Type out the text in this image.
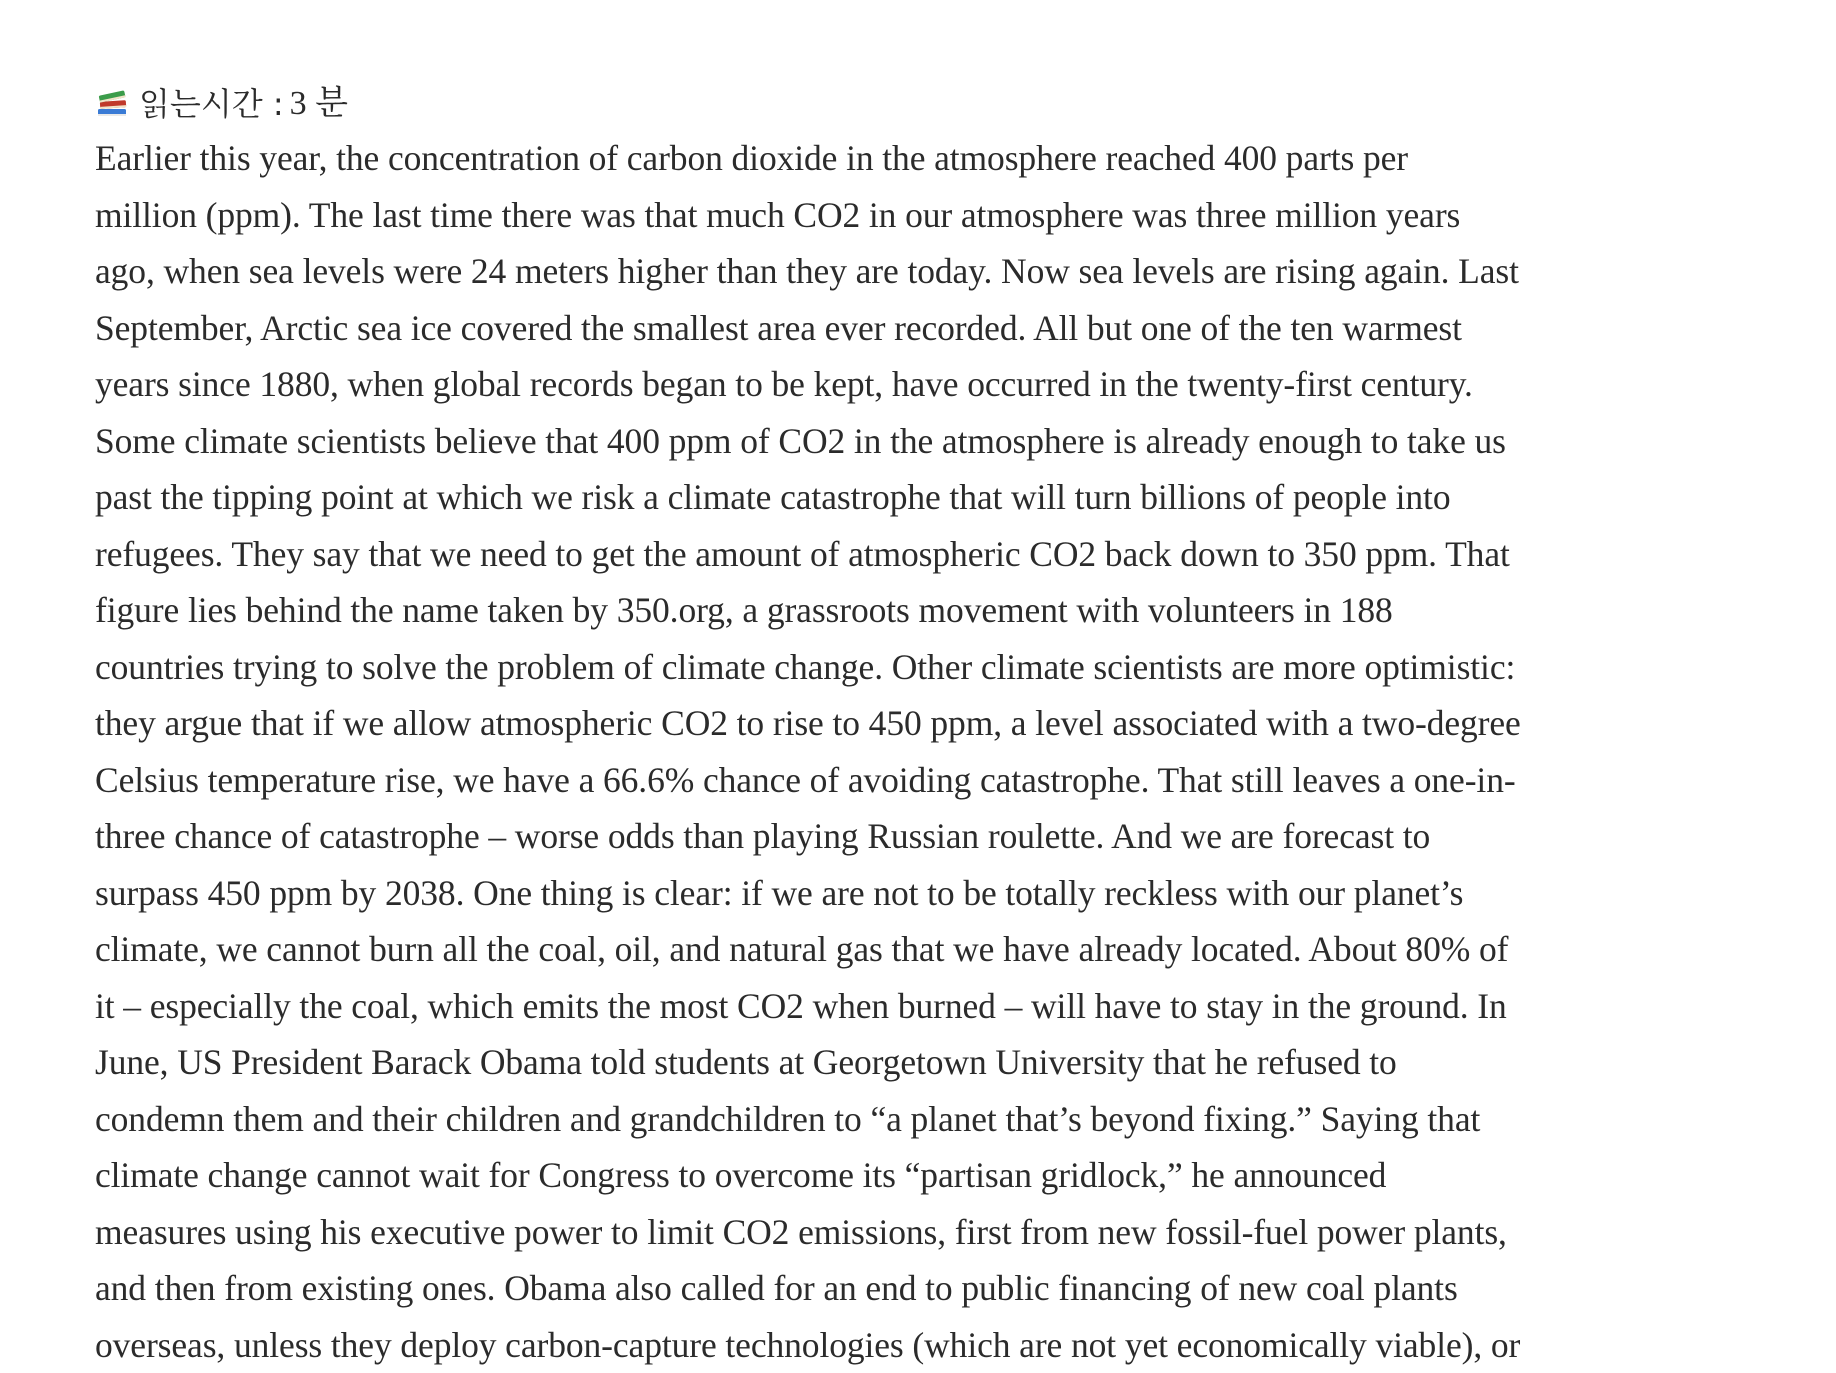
읽는시간 : 3 분

Earlier this year, the concentration of carbon dioxide in the atmosphere reached 400 parts per
million (ppm). The last time there was that much CO2 in our atmosphere was three million years
ago, when sea levels were 24 meters higher than they are today. Now sea levels are rising again. Last
September, Arctic sea ice covered the smallest area ever recorded. All but one of the ten warmest
years since 1880, when global records began to be kept, have occurred in the twenty-first century.
Some climate scientists believe that 400 ppm of CO2 in the atmosphere is already enough to take us
past the tipping point at which we risk a climate catastrophe that will turn billions of people into
refugees. They say that we need to get the amount of atmospheric CO2 back down to 350 ppm. That
figure lies behind the name taken by 350.org, a grassroots movement with volunteers in 188
countries trying to solve the problem of climate change. Other climate scientists are more optimistic:
they argue that if we allow atmospheric CO2 to rise to 450 ppm, a level associated with a two-degree
Celsius temperature rise, we have a 66.6% chance of avoiding catastrophe. That still leaves a one-in-
three chance of catastrophe – worse odds than playing Russian roulette. And we are forecast to
surpass 450 ppm by 2038. One thing is clear: if we are not to be totally reckless with our planet’s
climate, we cannot burn all the coal, oil, and natural gas that we have already located. About 80% of
it – especially the coal, which emits the most CO2 when burned – will have to stay in the ground. In
June, US President Barack Obama told students at Georgetown University that he refused to
condemn them and their children and grandchildren to “a planet that’s beyond fixing.” Saying that
climate change cannot wait for Congress to overcome its “partisan gridlock,” he announced
measures using his executive power to limit CO2 emissions, first from new fossil-fuel power plants,
and then from existing ones. Obama also called for an end to public financing of new coal plants
overseas, unless they deploy carbon-capture technologies (which are not yet economically viable), or
